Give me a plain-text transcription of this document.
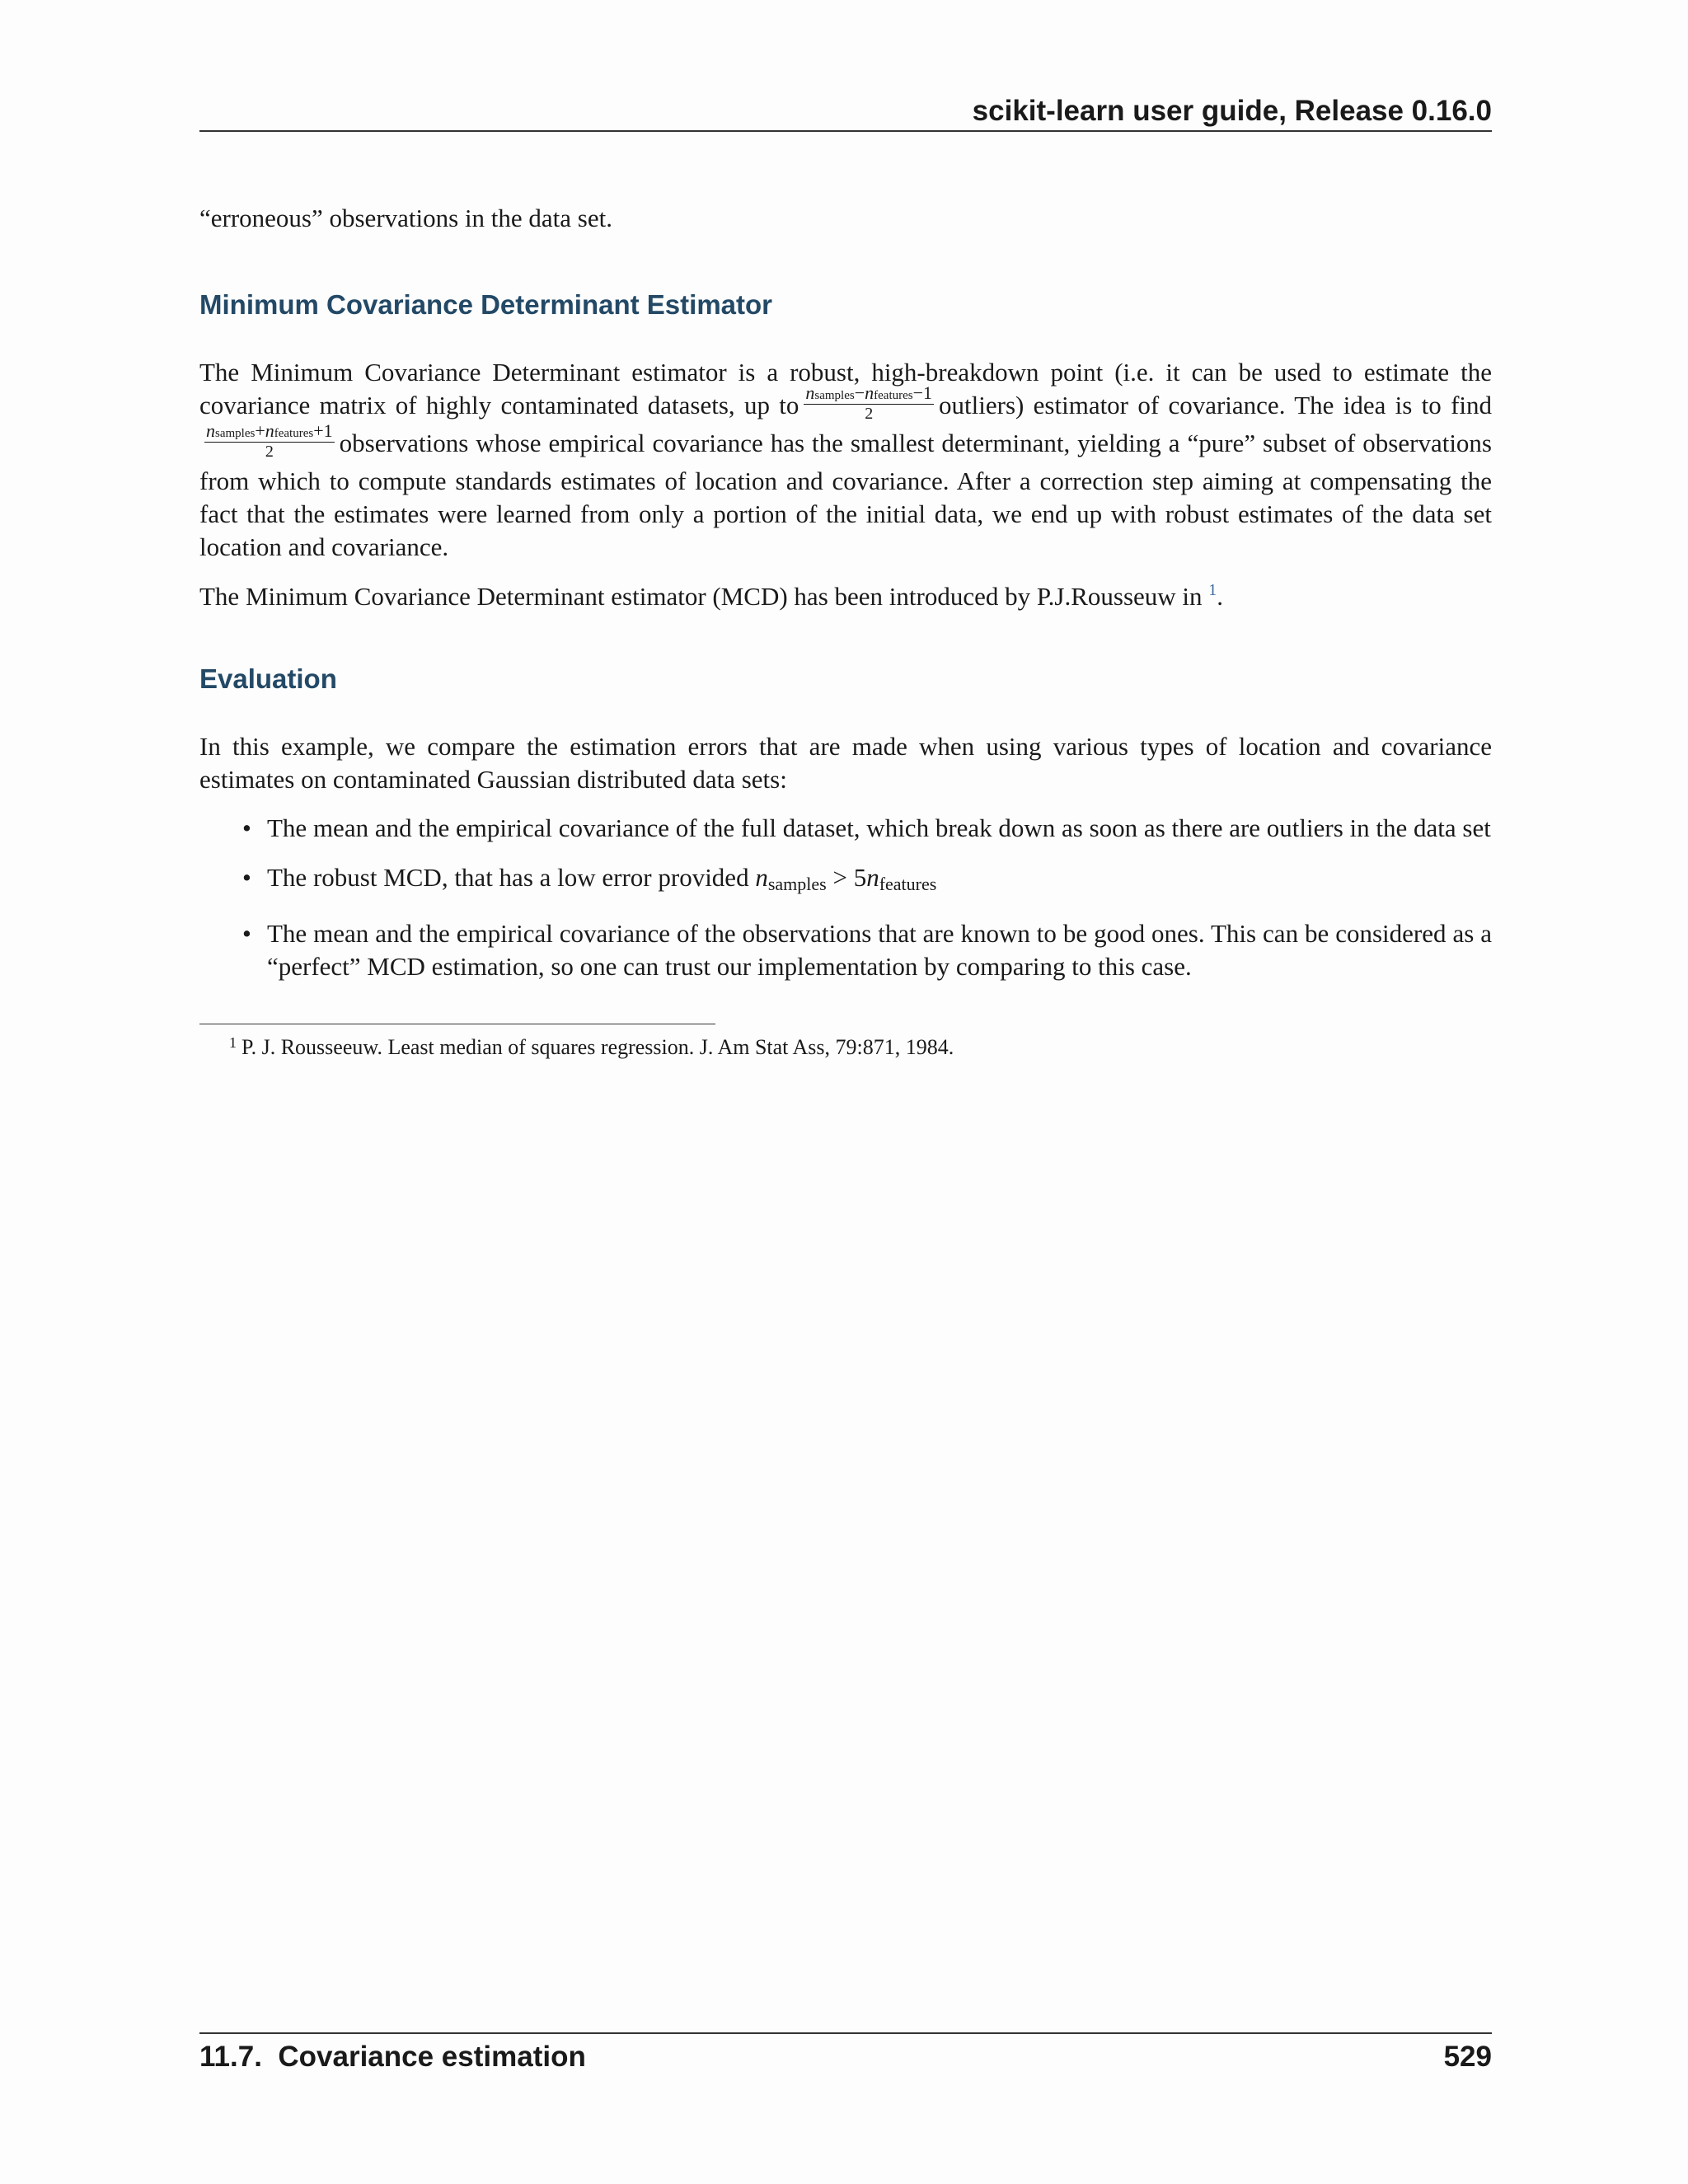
scikit-learn user guide, Release 0.16.0

“erroneous” observations in the data set.

Minimum Covariance Determinant Estimator

The Minimum Covariance Determinant estimator is a robust, high-breakdown point (i.e. it can be used to estimate the covariance matrix of highly contaminated datasets, up to $\frac{\text{nsamples−nfeatures−1}}{2}$ outliers) estimator of covariance. The idea is to find
$\frac{\text{nsamples+nfeatures+1}}{2}$ observations whose empirical covariance has the smallest determinant, yielding a “pure” subset of observations from which to compute standards estimates of location and covariance. After a correction step aiming at compensating the fact that the estimates were learned from only a portion of the initial data, we end up with robust estimates of the data set location and covariance.

The Minimum Covariance Determinant estimator (MCD) has been introduced by P.J.Rousseuw in $^1$.

Evaluation

In this example, we compare the estimation errors that are made when using various types of location and covariance estimates on contaminated Gaussian distributed data sets:

• The mean and the empirical covariance of the full dataset, which break down as soon as there are outliers in the data set
• The robust MCD, that has a low error provided nsamples > 5nfeatures
• The mean and the empirical covariance of the observations that are known to be good ones. This can be considered as a “perfect” MCD estimation, so one can trust our implementation by comparing to this case.
$^1$ P. J. Rousseeuw. Least median of squares regression. J. Am Stat Ass, 79:871, 1984.
11.7.  Covariance estimation	529
